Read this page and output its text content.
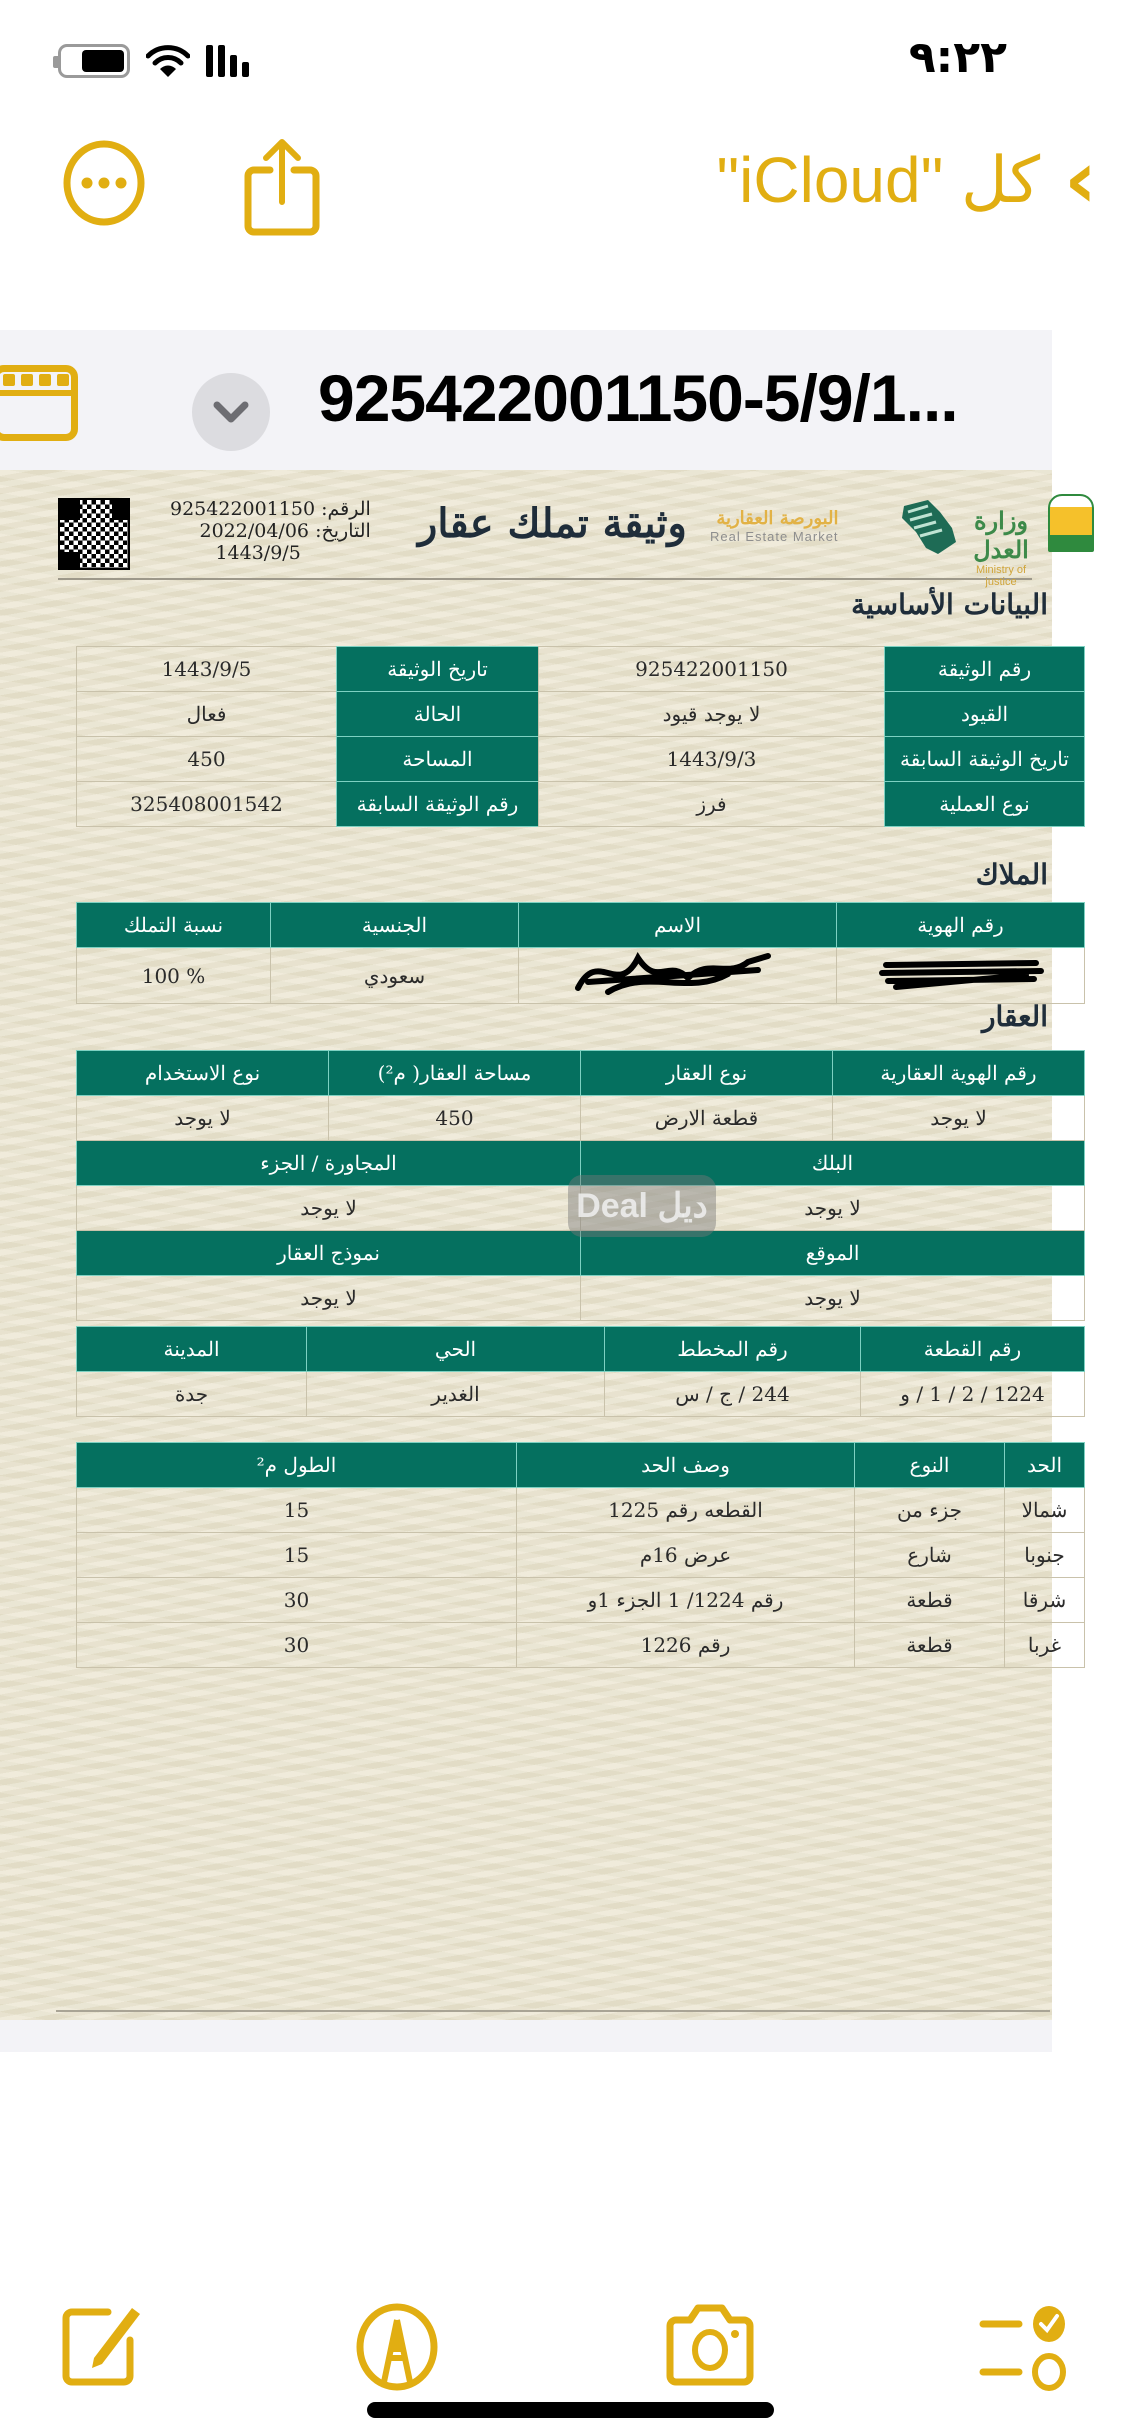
٩:٢٢
›
كل "iCloud"
925422001150-5/9/1...
الرقم: 925422001150
التاريخ: 2022/04/06
1443/9/5
وثيقة تملك عقار	البورصة العقارية
Real Estate Market
وزارة العدل
Ministry of justice
البيانات الأساسية
رقم الوثيقة	925422001150	تاريخ الوثيقة	1443/9/5
القيود	لا يوجد قيود	الحالة	فعال
تاريخ الوثيقة السابقة	1443/9/3	المساحة	450
نوع العملية	فرز	رقم الوثيقة السابقة	325408001542
الملاك
رقم الهوية	الاسم	الجنسية	نسبة التملك
		سعودي	% 100
العقار
رقم الهوية العقارية	نوع العقار	مساحة العقار( م²)	نوع الاستخدام
لا يوجد	قطعة الارض	450	لا يوجد
البلك		المجاورة / الجزء	
لا يوجد		لا يوجد	
الموقع		نموذج العقار	
لا يوجد		لا يوجد	
رقم القطعة	رقم المخطط	الحي	المدينة
1224 / 2 / 1 / و	244 / ج / س	الغدير	جدة
الحد	النوع	وصف الحد	الطول م²
شمالا	جزء من	القطعه رقم 1225	15
جنوبا	شارع	عرض 16م	15
شرقا	قطعة	رقم 1224/ 1 الجزء 1و	30
غربا	قطعة	رقم 1226	30
Deal ديل
